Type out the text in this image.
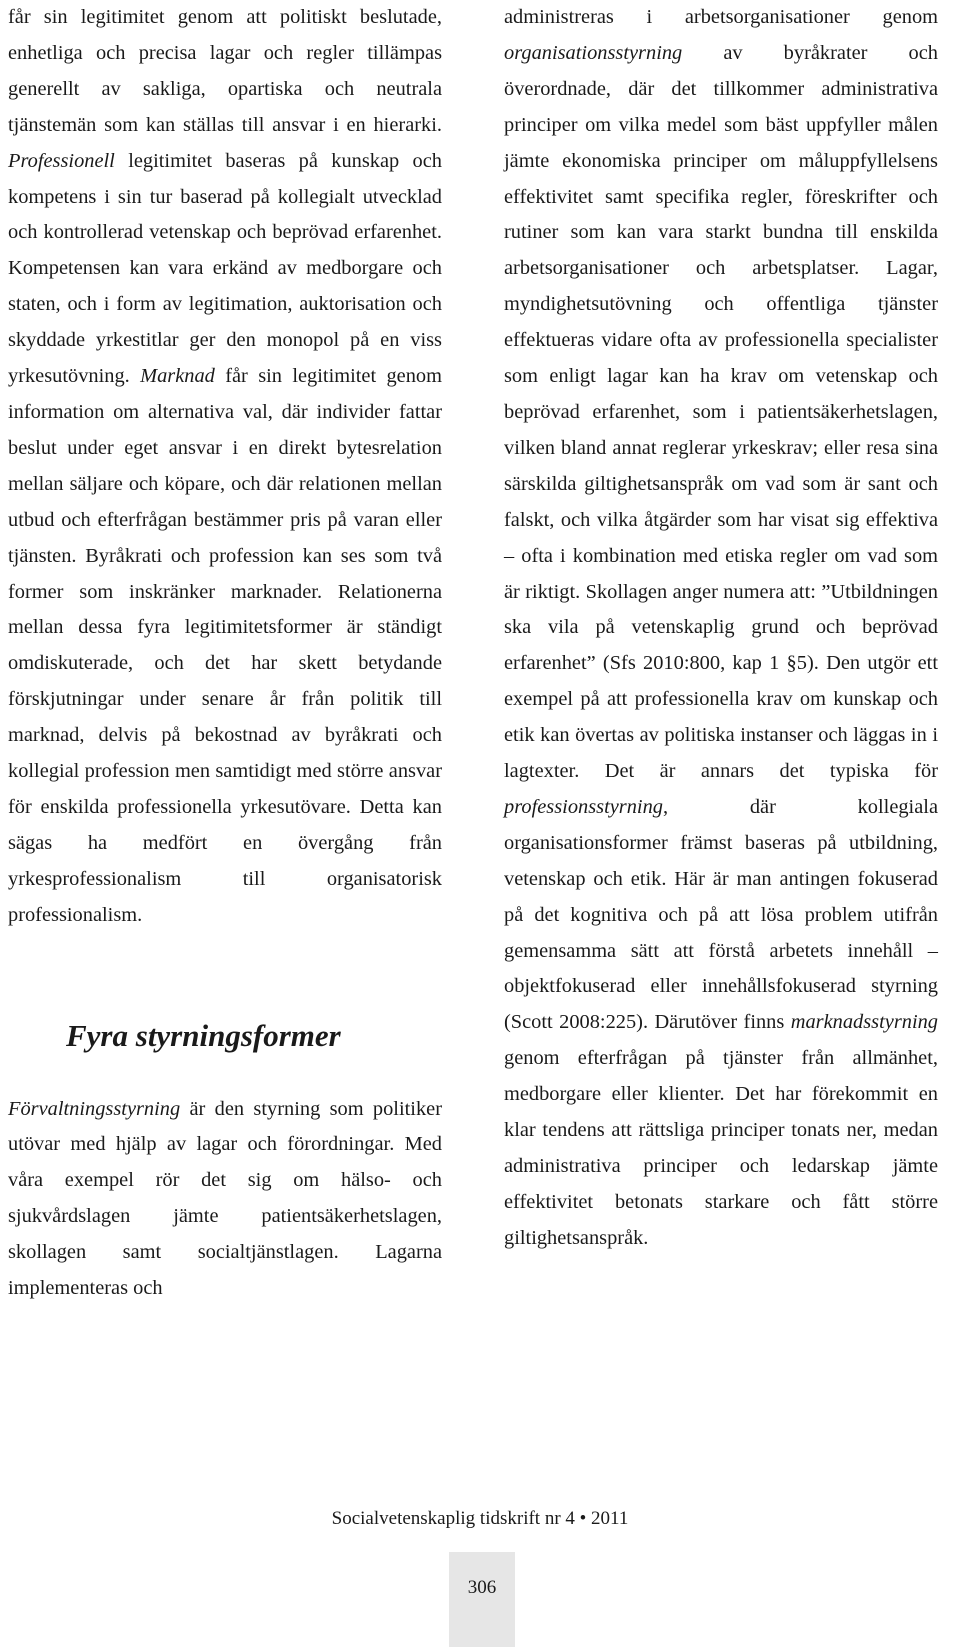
får sin legitimitet genom att politiskt beslutade, enhetliga och precisa lagar och regler tillämpas generellt av sakliga, opartiska och neutrala tjänstemän som kan ställas till ansvar i en hierarki. Professionell legitimitet baseras på kunskap och kompetens i sin tur baserad på kollegialt utvecklad och kontrollerad vetenskap och beprövad erfarenhet. Kompetensen kan vara erkänd av medborgare och staten, och i form av legitimation, auktorisation och skyddade yrkestitlar ger den monopol på en viss yrkesutövning. Marknad får sin legitimitet genom information om alternativa val, där individer fattar beslut under eget ansvar i en direkt bytesrelation mellan säljare och köpare, och där relationen mellan utbud och efterfrågan bestämmer pris på varan eller tjänsten. Byråkrati och profession kan ses som två former som inskränker marknader. Relationerna mellan dessa fyra legitimitetsformer är ständigt omdiskuterade, och det har skett betydande förskjutningar under senare år från politik till marknad, delvis på bekostnad av byråkrati och kollegial profession men samtidigt med större ansvar för enskilda professionella yrkesutövare. Detta kan sägas ha medfört en övergång från yrkesprofessionalism till organisatorisk professionalism.

Fyra styrningsformer

Förvaltningsstyrning är den styrning som politiker utövar med hjälp av lagar och förordningar. Med våra exempel rör det sig om hälso- och sjukvårdslagen jämte patientsäkerhetslagen, skollagen samt socialtjänstlagen. Lagarna implementeras och

administreras i arbetsorganisationer genom organisationsstyrning av byråkrater och överordnade, där det tillkommer administrativa principer om vilka medel som bäst uppfyller målen jämte ekonomiska principer om måluppfyllelsens effektivitet samt specifika regler, föreskrifter och rutiner som kan vara starkt bundna till enskilda arbetsorganisationer och arbetsplatser. Lagar, myndighetsutövning och offentliga tjänster effektueras vidare ofta av professionella specialister som enligt lagar kan ha krav om vetenskap och beprövad erfarenhet, som i patientsäkerhetslagen, vilken bland annat reglerar yrkeskrav; eller resa sina särskilda giltighetsanspråk om vad som är sant och falskt, och vilka åtgärder som har visat sig effektiva – ofta i kombination med etiska regler om vad som är riktigt. Skollagen anger numera att: ”Utbildningen ska vila på vetenskaplig grund och beprövad erfarenhet” (Sfs 2010:800, kap 1 §5). Den utgör ett exempel på att professionella krav om kunskap och etik kan övertas av politiska instanser och läggas in i lagtexter. Det är annars det typiska för professionsstyrning, där kollegiala organisationsformer främst baseras på utbildning, vetenskap och etik. Här är man antingen fokuserad på det kognitiva och på att lösa problem utifrån gemensamma sätt att förstå arbetets innehåll – objektfokuserad eller innehållsfokuserad styrning (Scott 2008:225). Därutöver finns marknadsstyrning genom efterfrågan på tjänster från allmänhet, medborgare eller klienter. Det har förekommit en klar tendens att rättsliga principer tonats ner, medan administrativa principer och ledarskap jämte effektivitet betonats starkare och fått större giltighetsanspråk.

Socialvetenskaplig tidskrift nr 4 • 2011
306
